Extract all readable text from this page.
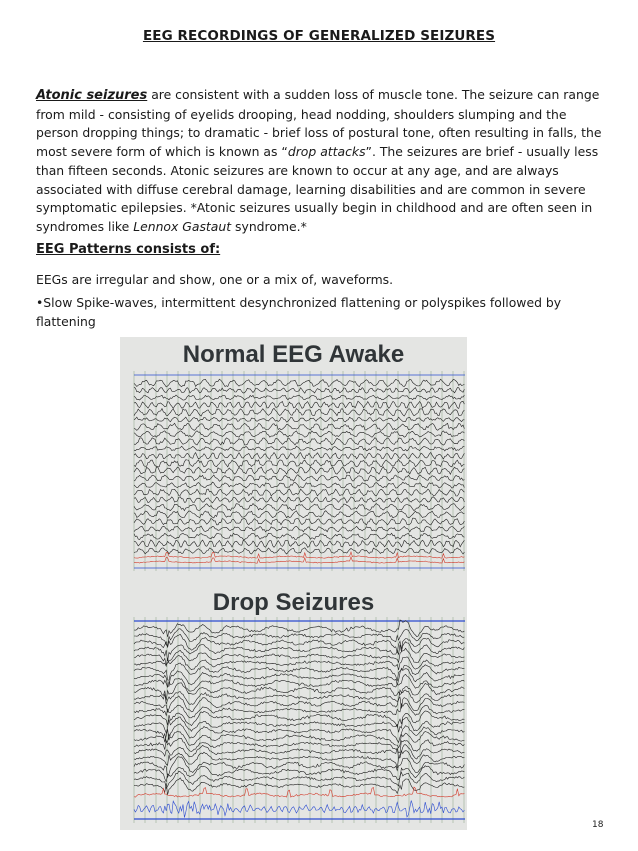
EEG RECORDINGS OF GENERALIZED SEIZURES

Atonic seizures are consistent with a sudden loss of muscle tone. The seizure can range from mild - consisting of eyelids drooping, head nodding, shoulders slumping and the person dropping things; to dramatic - brief loss of postural tone, often resulting in falls, the most severe form of which is known as “drop attacks”. The seizures are brief - usually less than fifteen seconds. Atonic seizures are known to occur at any age, and are always associated with diffuse cerebral damage, learning disabilities and are common in severe symptomatic epilepsies. *Atonic seizures usually begin in childhood and are often seen in syndromes like Lennox Gastaut syndrome.*

EEG Patterns consists of:
EEGs are irregular and show, one or a mix of, waveforms.

•Slow Spike-waves, intermittent desynchronized flattening or polyspikes followed by flattening

Normal EEG Awake
Drop Seizures
18
